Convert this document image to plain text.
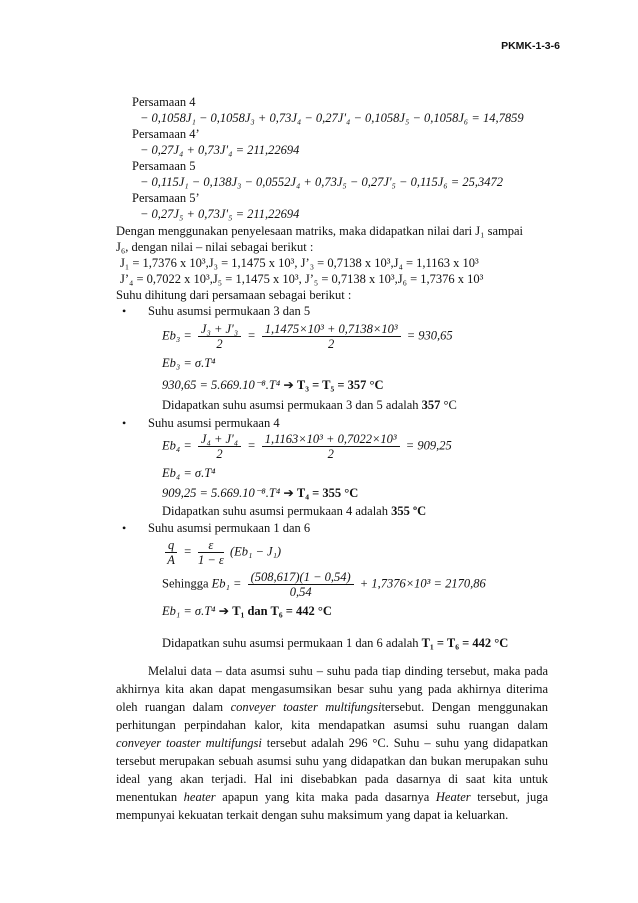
PKMK-1-3-6
Persamaan 4
− 0,1058J₁ − 0,1058J₃ + 0,73J₄ − 0,27J'₄ − 0,1058J₅ − 0,1058J₆ = 14,7859
Persamaan 4’
− 0,27J₄ + 0,73J'₄ = 211,22694
Persamaan 5
− 0,115J₁ − 0,138J₃ − 0,0552J₄ + 0,73J₅ − 0,27J'₅ − 0,115J₆ = 25,3472
Persamaan 5’
− 0,27J₅ + 0,73J'₅ = 211,22694
Dengan menggunakan penyelesaan matriks, maka didapatkan nilai dari J₁ sampai
J₆, dengan nilai – nilai sebagai berikut :
J₁ = 1,7376 x 10³,J₃ = 1,1475 x 10³, J’₃ = 0,7138 x 10³,J₄ = 1,1163 x 10³
J’₄ = 0,7022 x 10³,J₅ = 1,1475 x 10³, J’₅ = 0,7138 x 10³,J₆ = 1,7376 x 10³
Suhu dihitung dari persamaan sebagai berikut :
• Suhu asumsi permukaan 3 dan 5
$Eb_3 = \frac{\text{J₃ + J'₃}}{2} = \frac{\text{1,1475×10³ + 0,7138×10³}}{2} = 930,65$
Eb₃ = σ.T⁴
930,65 = 5.669.10⁻⁸.T⁴ ➔ T₃ = T₅ = 357 °C
Didapatkan suhu asumsi permukaan 3 dan 5 adalah 357 °C
• Suhu asumsi permukaan 4
$Eb_4 = \frac{\text{J₄ + J'₄}}{2} = \frac{\text{1,1163×10³ + 0,7022×10³}}{2} = 909,25$
Eb₄ = σ.T⁴
909,25 = 5.669.10⁻⁸.T⁴ ➔ T₄ = 355 °C
Didapatkan suhu asumsi permukaan 4 adalah 355 ºC
• Suhu asumsi permukaan 1 dan 6
$\frac{q}{A} = \frac{\varepsilon}{1 - \varepsilon} (Eb_1 - J_1)$
Sehingga $Eb_1 = \frac{(508,617)(1 - 0,54)}{0,54} + 1,7376\times 10^3 = 2170,86$
Eb₁ = σ.T⁴ ➔ T₁ dan T₆ = 442 °C
Didapatkan suhu asumsi permukaan 1 dan 6 adalah T₁ = T₆ = 442 °C
Melalui data – data asumsi suhu – suhu pada tiap dinding tersebut, maka pada akhirnya kita akan dapat mengasumsikan besar suhu yang pada akhirnya diterima oleh ruangan dalam conveyer toaster multifungsitersebut. Dengan menggunakan perhitungan perpindahan kalor, kita mendapatkan asumsi suhu ruangan dalam conveyer toaster multifungsi tersebut adalah 296 °C. Suhu – suhu yang didapatkan tersebut merupakan sebuah asumsi suhu yang didapatkan dan bukan merupakan suhu ideal yang akan terjadi. Hal ini disebabkan pada dasarnya di saat kita untuk menentukan heater apapun yang kita maka pada dasarnya Heater tersebut, juga mempunyai kekuatan terkait dengan suhu maksimum yang dapat ia keluarkan.
